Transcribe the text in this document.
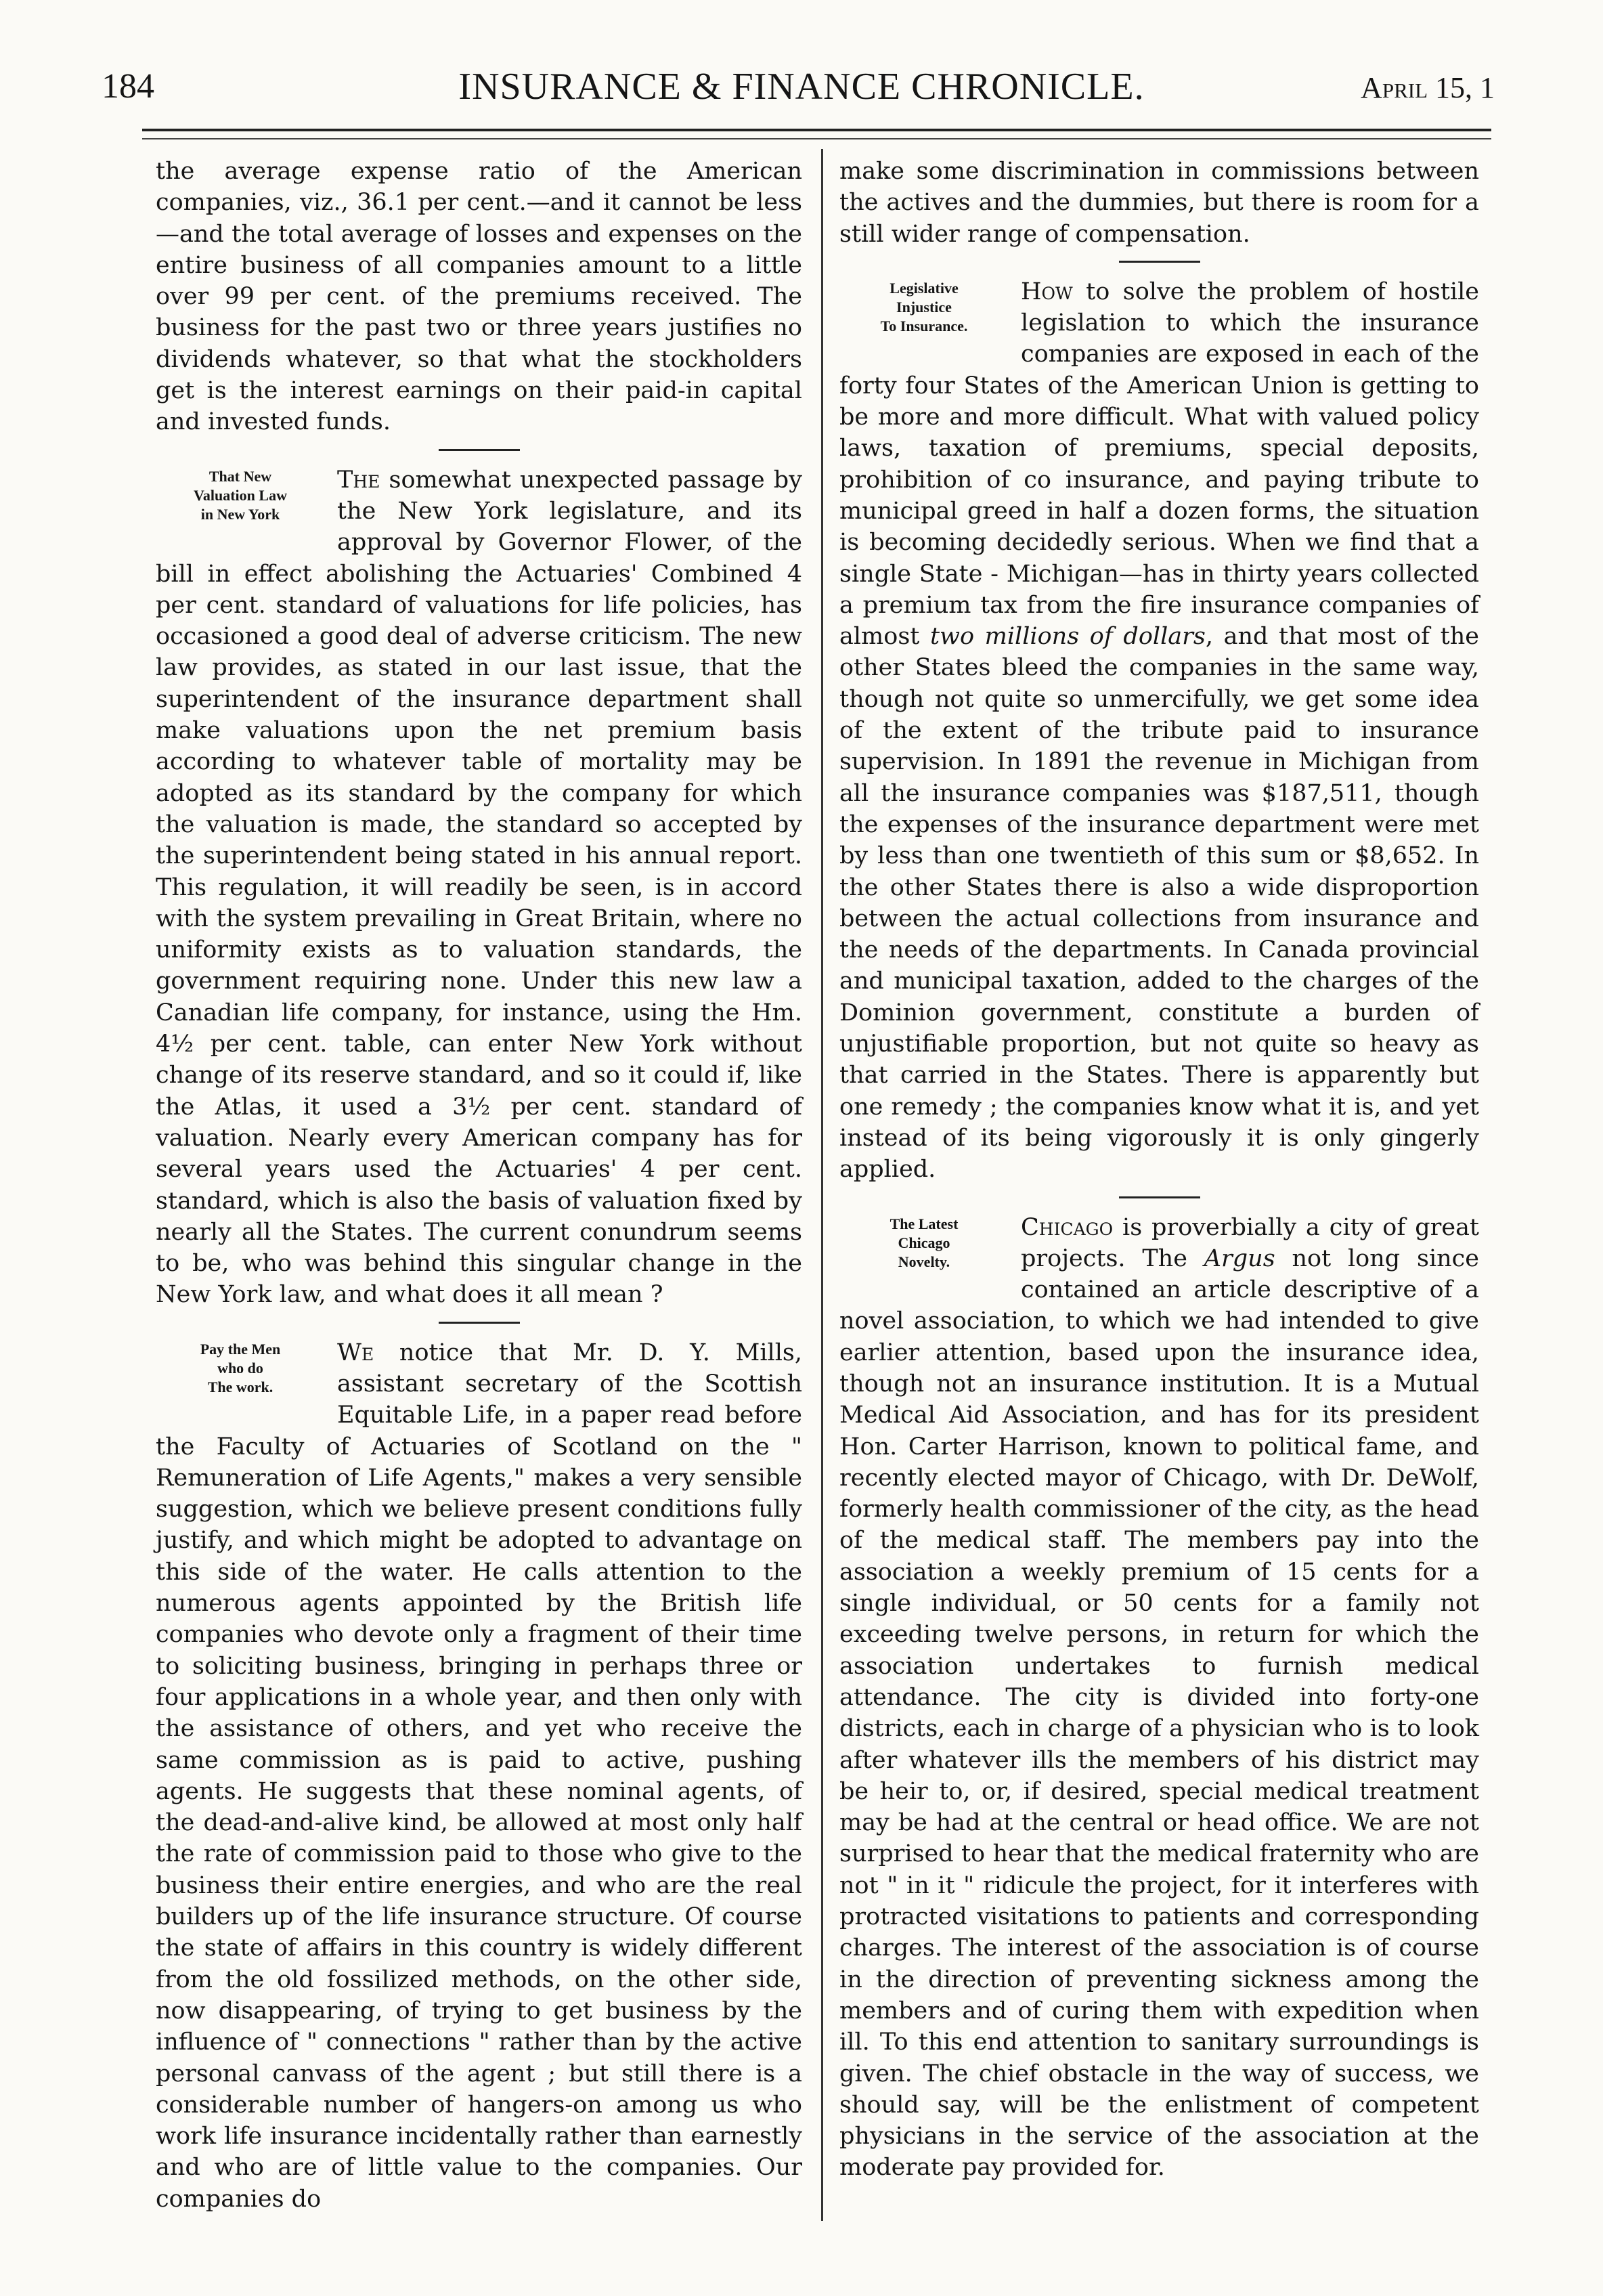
184	INSURANCE & FINANCE CHRONICLE.	April 15, 1

the average expense ratio of the American companies, viz., 36.1 per cent.—and it cannot be less—and the total average of losses and expenses on the entire business of all companies amount to a little over 99 per cent. of the premiums received. The business for the past two or three years justifies no dividends whatever, so that what the stockholders get is the interest earnings on their paid-in capital and invested funds.

That New
Valuation Law
in New York

The somewhat unexpected passage by the New York legislature, and its approval by Governor Flower, of the bill in effect abolishing the Actuaries' Combined 4 per cent. standard of valuations for life policies, has occasioned a good deal of adverse criticism. The new law provides, as stated in our last issue, that the superintendent of the insurance department shall make valuations upon the net premium basis according to whatever table of mortality may be adopted as its standard by the company for which the valuation is made, the standard so accepted by the superintendent being stated in his annual report. This regulation, it will readily be seen, is in accord with the system prevailing in Great Britain, where no uniformity exists as to valuation standards, the government requiring none. Under this new law a Canadian life company, for instance, using the Hm. 4½ per cent. table, can enter New York without change of its reserve standard, and so it could if, like the Atlas, it used a 3½ per cent. standard of valuation. Nearly every American company has for several years used the Actuaries' 4 per cent. standard, which is also the basis of valuation fixed by nearly all the States. The current conundrum seems to be, who was behind this singular change in the New York law, and what does it all mean ?

Pay the Men
who do
The work.

We notice that Mr. D. Y. Mills, assistant secretary of the Scottish Equitable Life, in a paper read before the Faculty of Actuaries of Scotland on the " Remuneration of Life Agents," makes a very sensible suggestion, which we believe present conditions fully justify, and which might be adopted to advantage on this side of the water. He calls attention to the numerous agents appointed by the British life companies who devote only a fragment of their time to soliciting business, bringing in perhaps three or four applications in a whole year, and then only with the assistance of others, and yet who receive the same commission as is paid to active, pushing agents. He suggests that these nominal agents, of the dead-and-alive kind, be allowed at most only half the rate of commission paid to those who give to the business their entire energies, and who are the real builders up of the life insurance structure. Of course the state of affairs in this country is widely different from the old fossilized methods, on the other side, now disappearing, of trying to get business by the influence of " connections " rather than by the active personal canvass of the agent ; but still there is a considerable number of hangers-on among us who work life insurance incidentally rather than earnestly and who are of little value to the companies. Our companies do

make some discrimination in commissions between the actives and the dummies, but there is room for a still wider range of compensation.

Legislative
Injustice
To Insurance.

How to solve the problem of hostile legislation to which the insurance companies are exposed in each of the forty four States of the American Union is getting to be more and more difficult. What with valued policy laws, taxation of premiums, special deposits, prohibition of co insurance, and paying tribute to municipal greed in half a dozen forms, the situation is becoming decidedly serious. When we find that a single State - Michigan—has in thirty years collected a premium tax from the fire insurance companies of almost two millions of dollars, and that most of the other States bleed the companies in the same way, though not quite so unmercifully, we get some idea of the extent of the tribute paid to insurance supervision. In 1891 the revenue in Michigan from all the insurance companies was $187,511, though the expenses of the insurance department were met by less than one twentieth of this sum or $8,652. In the other States there is also a wide disproportion between the actual collections from insurance and the needs of the departments. In Canada provincial and municipal taxation, added to the charges of the Dominion government, constitute a burden of unjustifiable proportion, but not quite so heavy as that carried in the States. There is apparently but one remedy ; the companies know what it is, and yet instead of its being vigorously it is only gingerly applied.

The Latest
Chicago
Novelty.

Chicago is proverbially a city of great projects. The Argus not long since contained an article descriptive of a novel association, to which we had intended to give earlier attention, based upon the insurance idea, though not an insurance institution. It is a Mutual Medical Aid Association, and has for its president Hon. Carter Harrison, known to political fame, and recently elected mayor of Chicago, with Dr. DeWolf, formerly health commissioner of the city, as the head of the medical staff. The members pay into the association a weekly premium of 15 cents for a single individual, or 50 cents for a family not exceeding twelve persons, in return for which the association undertakes to furnish medical attendance. The city is divided into forty-one districts, each in charge of a physician who is to look after whatever ills the members of his district may be heir to, or, if desired, special medical treatment may be had at the central or head office. We are not surprised to hear that the medical fraternity who are not " in it " ridicule the project, for it interferes with protracted visitations to patients and corresponding charges. The interest of the association is of course in the direction of preventing sickness among the members and of curing them with expedition when ill. To this end attention to sanitary surroundings is given. The chief obstacle in the way of success, we should say, will be the enlistment of competent physicians in the service of the association at the moderate pay provided for.
